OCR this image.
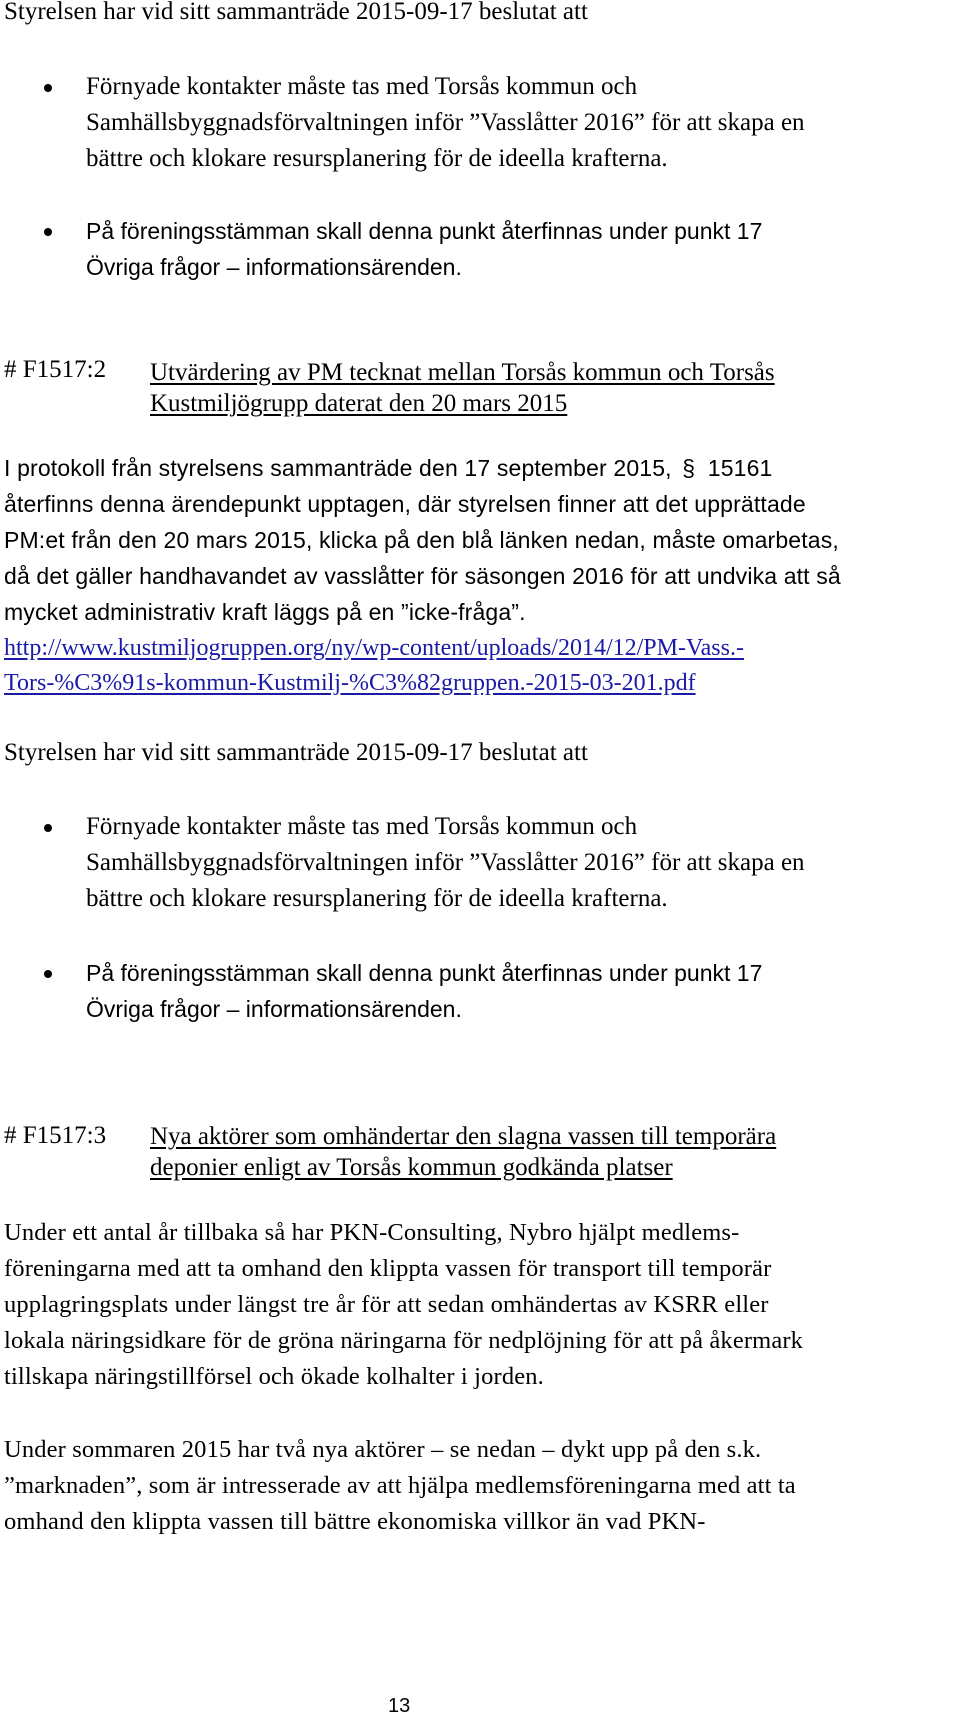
Styrelsen har vid sitt sammanträde 2015-09-17 beslutat att
Förnyade kontakter måste tas med Torsås kommun och
Samhällsbyggnadsförvaltningen inför ”Vasslåtter 2016” för att skapa en
bättre och klokare resursplanering för de ideella krafterna.
På föreningsstämman skall denna punkt återfinnas under punkt 17
Övriga frågor – informationsärenden.
# F1517:2 Utvärdering av PM tecknat mellan Torsås kommun och Torsås
Kustmiljögrupp daterat den 20 mars 2015
I protokoll från styrelsens sammanträde den 17 september 2015, § 15161
återfinns denna ärendepunkt upptagen, där styrelsen finner att det upprättade
PM:et från den 20 mars 2015, klicka på den blå länken nedan, måste omarbetas,
då det gäller handhavandet av vasslåtter för säsongen 2016 för att undvika att så
mycket administrativ kraft läggs på en ”icke-fråga”.
http://www.kustmiljogruppen.org/ny/wp-content/uploads/2014/12/PM-Vass.-
Tors-%C3%91s-kommun-Kustmilj-%C3%82gruppen.-2015-03-201.pdf
Styrelsen har vid sitt sammanträde 2015-09-17 beslutat att
Förnyade kontakter måste tas med Torsås kommun och
Samhällsbyggnadsförvaltningen inför ”Vasslåtter 2016” för att skapa en
bättre och klokare resursplanering för de ideella krafterna.
På föreningsstämman skall denna punkt återfinnas under punkt 17
Övriga frågor – informationsärenden.
# F1517:3 Nya aktörer som omhändertar den slagna vassen till temporära
deponier enligt av Torsås kommun godkända platser
Under ett antal år tillbaka så har PKN-Consulting, Nybro hjälpt medlems-
föreningarna med att ta omhand den klippta vassen för transport till temporär
upplagringsplats under längst tre år för att sedan omhändertas av KSRR eller
lokala näringsidkare för de gröna näringarna för nedplöjning för att på åkermark
tillskapa näringstillförsel och ökade kolhalter i jorden.
Under sommaren 2015 har två nya aktörer – se nedan – dykt upp på den s.k.
”marknaden”, som är intresserade av att hjälpa medlemsföreningarna med att ta
omhand den klippta vassen till bättre ekonomiska villkor än vad PKN-
13
